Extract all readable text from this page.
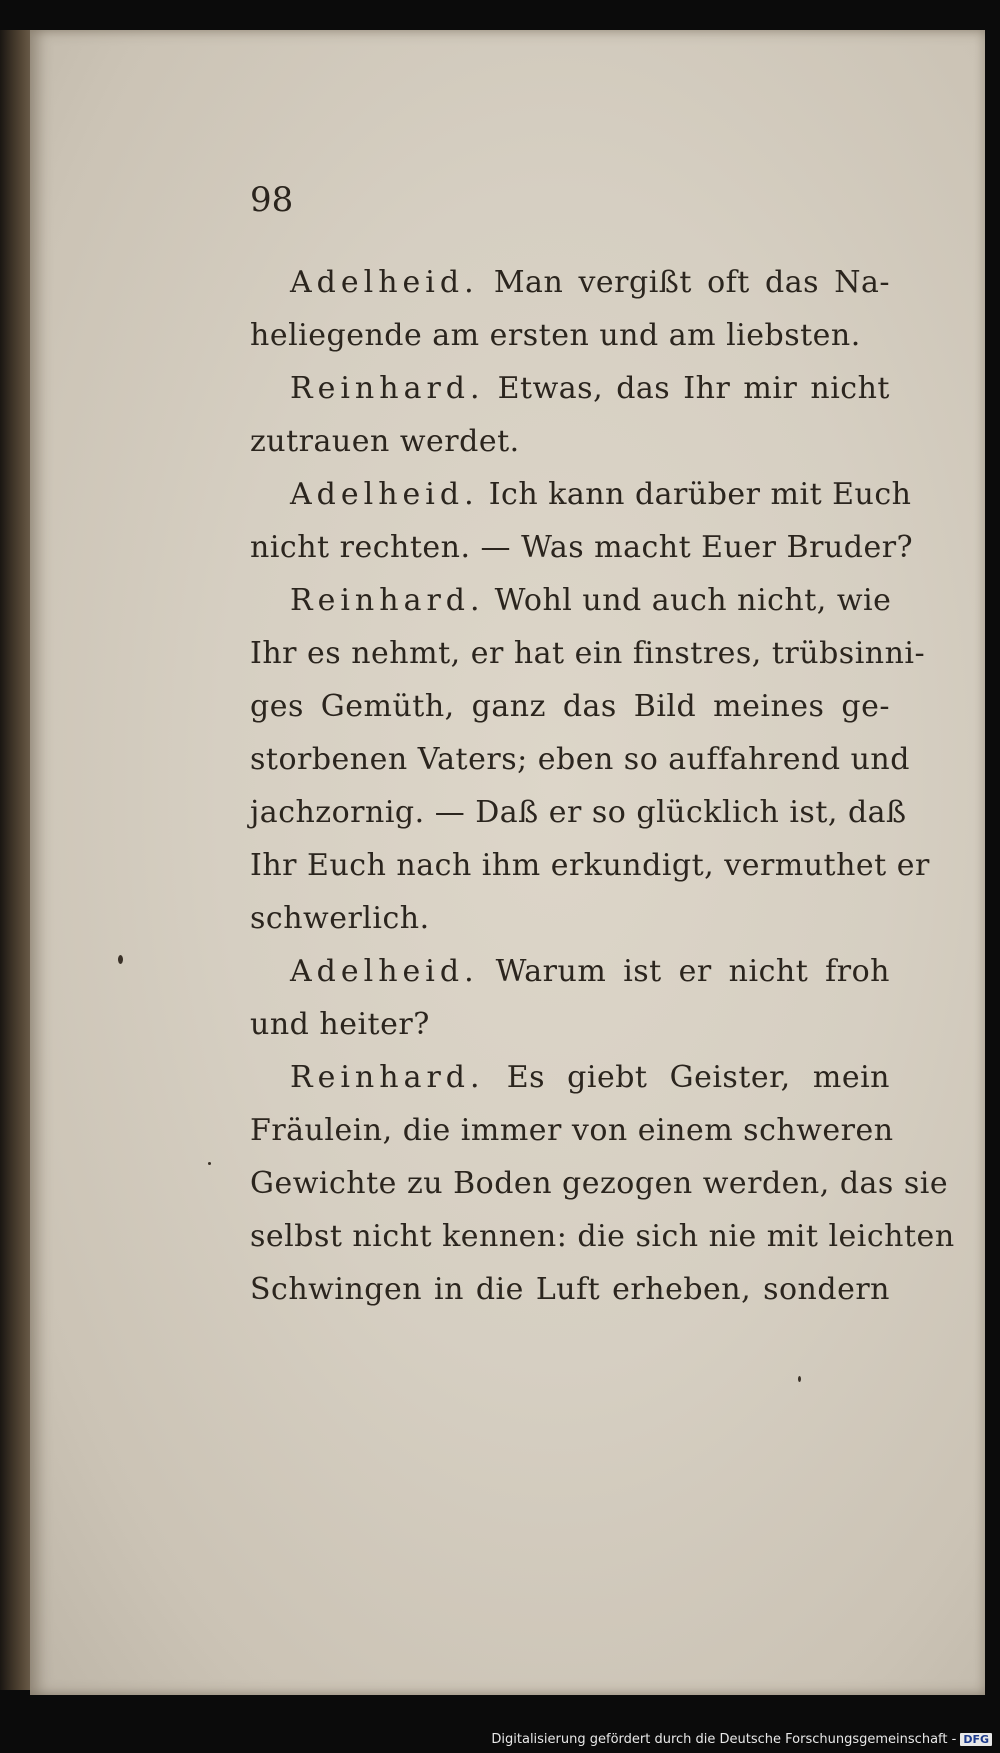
98
Adelheid. Man vergißt oft das Na-
heliegende am ersten und am liebsten.
Reinhard. Etwas, das Ihr mir nicht
zutrauen werdet.
Adelheid. Ich kann darüber mit Euch
nicht rechten. — Was macht Euer Bruder?
Reinhard. Wohl und auch nicht, wie
Ihr es nehmt, er hat ein finstres, trübsinni-
ges Gemüth, ganz das Bild meines ge-
storbenen Vaters; eben so auffahrend und
jachzornig. — Daß er so glücklich ist, daß
Ihr Euch nach ihm erkundigt, vermuthet er
schwerlich.
Adelheid. Warum ist er nicht froh
und heiter?
Reinhard. Es giebt Geister, mein
Fräulein, die immer von einem schweren
Gewichte zu Boden gezogen werden, das sie
selbst nicht kennen: die sich nie mit leichten
Schwingen in die Luft erheben, sondern
Digitalisierung gefördert durch die Deutsche Forschungsgemeinschaft - DFG
